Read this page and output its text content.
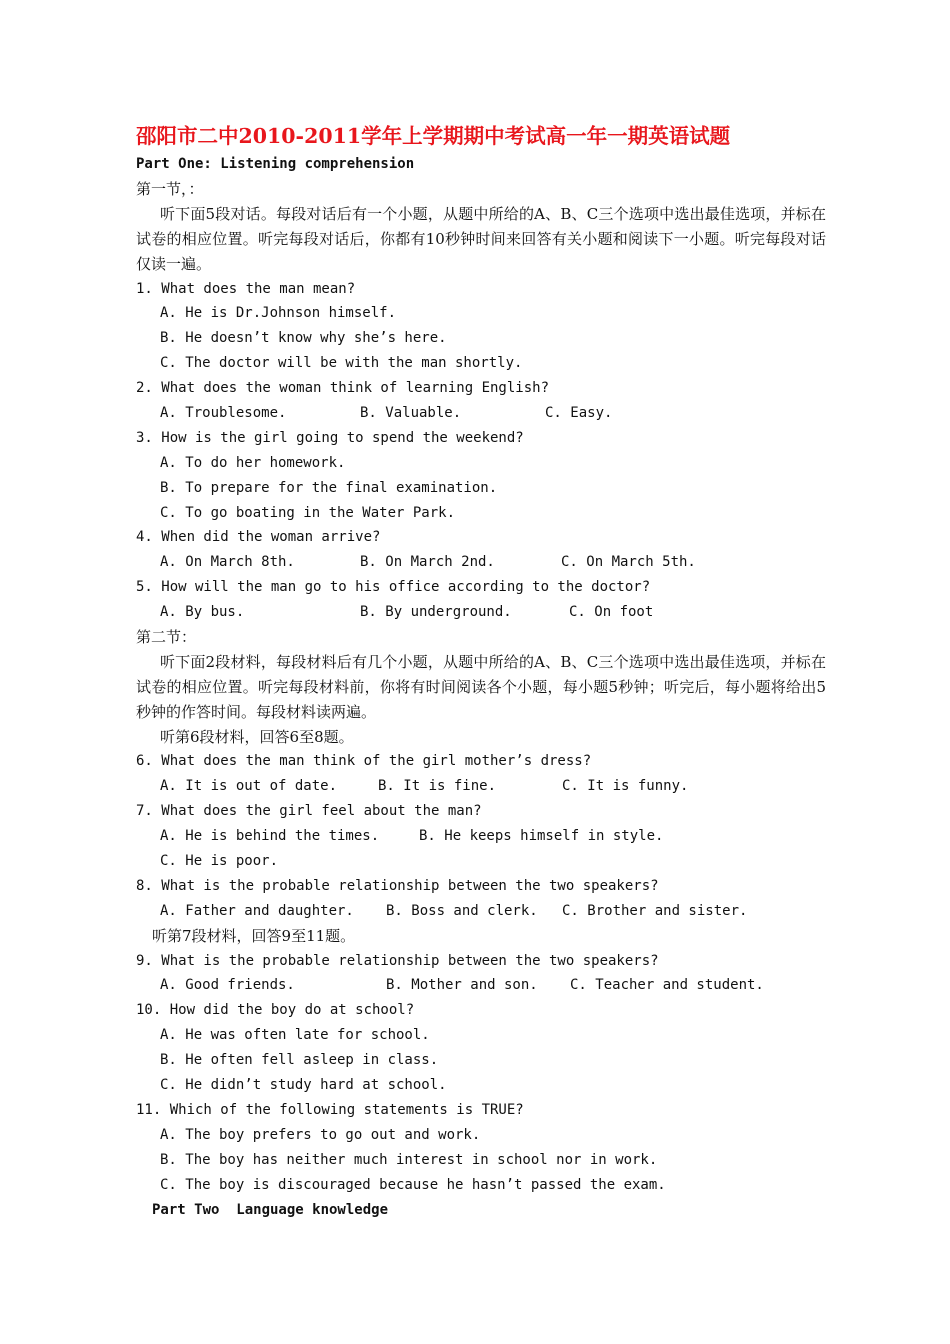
邵阳市二中2010-2011学年上学期期中考试高一年一期英语试题
Part One: Listening comprehension
第一节，：
听下面5段对话。每段对话后有一个小题，从题中所给的A、B、C三个选项中选出最佳选项，并标在试卷的相应位置。听完每段对话后，你都有10秒钟时间来回答有关小题和阅读下一小题。听完每段对话仅读一遍。
1. What does the man mean?
A. He is Dr.Johnson himself.
B. He doesn’t know why she’s here.
C. The doctor will be with the man shortly.
2. What does the woman think of learning English?
A. Troublesome.	B. Valuable.	C. Easy.
3. How is the girl going to spend the weekend?
A. To do her homework.
B. To prepare for the final examination.
C. To go boating in the Water Park.
4. When did the woman arrive?
A. On March 8th.	B. On March 2nd.	C. On March 5th.
5. How will the man go to his office according to the doctor?
A. By bus.	B. By underground.	C. On foot
第二节：
听下面2段材料，每段材料后有几个小题，从题中所给的A、B、C三个选项中选出最佳选项，并标在试卷的相应位置。听完每段材料前，你将有时间阅读各个小题，每小题5秒钟；听完后，每小题将给出5秒钟的作答时间。每段材料读两遍。
听第6段材料，回答6至8题。
6. What does the man think of the girl mother’s dress?
A. It is out of date.	B. It is fine.	C. It is funny.
7. What does the girl feel about the man?
A. He is behind the times.	B. He keeps himself in style.
C. He is poor.
8. What is the probable relationship between the two speakers?
A. Father and daughter.	B. Boss and clerk.	C. Brother and sister.
听第7段材料，回答9至11题。
9. What is the probable relationship between the two speakers?
A. Good friends.	B. Mother and son.	C. Teacher and student.
10. How did the boy do at school?
A. He was often late for school.
B. He often fell asleep in class.
C. He didn’t study hard at school.
11. Which of the following statements is TRUE?
A. The boy prefers to go out and work.
B. The boy has neither much interest in school nor in work.
C. The boy is discouraged because he hasn’t passed the exam.
Part Two  Language knowledge
